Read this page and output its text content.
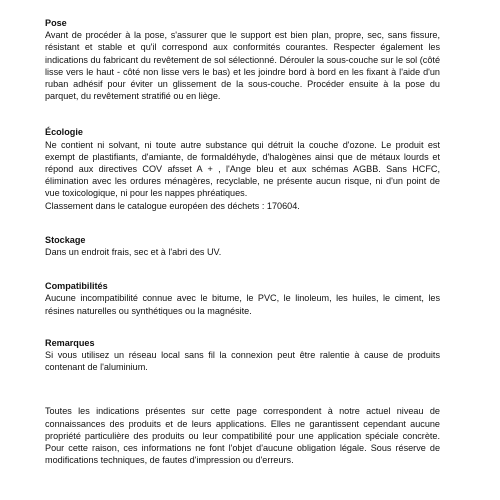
Pose
Avant de procéder à la pose, s'assurer que le support est bien plan, propre, sec, sans fissure, résistant et stable et qu'il correspond aux conformités courantes. Respecter également les indications du fabricant du revêtement de sol sélectionné. Dérouler la sous-couche sur le sol (côté lisse vers le haut - côté non lisse vers le bas) et les joindre bord à bord en les fixant à l'aide d'un ruban adhésif pour éviter un glissement de la sous-couche. Procéder ensuite à la pose du parquet, du revêtement stratifié ou en liège.
Écologie
Ne contient ni solvant, ni toute autre substance qui détruit la couche d'ozone. Le produit est exempt de plastifiants, d'amiante, de formaldéhyde, d'halogènes ainsi que de métaux lourds et répond aux directives COV afsset A + , l'Ange bleu et aux schémas AGBB. Sans HCFC, élimination avec les ordures ménagères, recyclable, ne présente aucun risque, ni d'un point de vue toxicologique, ni pour les nappes phréatiques.
Classement dans le catalogue européen des déchets : 170604.
Stockage
Dans un endroit frais, sec et à l'abri des UV.
Compatibilités
Aucune incompatibilité connue avec le bitume, le PVC, le linoleum, les huiles, le ciment, les résines naturelles ou synthétiques ou la magnésite.
Remarques
Si vous utilisez un réseau local sans fil la connexion peut être ralentie à cause de produits contenant de l'aluminium.
Toutes les indications présentes sur cette page correspondent à notre actuel niveau de connaissances des produits et de leurs applications. Elles ne garantissent cependant aucune propriété particulière des produits ou leur compatibilité pour une application spéciale concrète. Pour cette raison, ces informations ne font l'objet d'aucune obligation légale. Sous réserve de modifications techniques, de fautes d'impression ou d'erreurs.
